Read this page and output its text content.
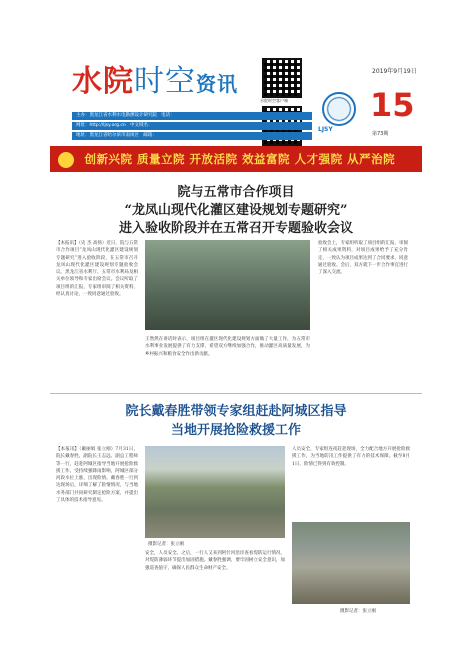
水院时空资讯
水院时空客户端
2019年9月19日
LJSY
15
第73期
主办：黑龙江省水利水电勘测设计研究院 电话：
网址：http://ljsy.org.cn 中文域名：
地址：黑龙江省哈尔滨市南岗区 邮箱：
创新兴院 质量立院 开放活院 效益富院 人才强院 从严治院
院与五常市合作项目
“龙凤山现代化灌区建设规划专题研究”
进入验收阶段并在五常召开专题验收会议
【本报讯】（史 杰 高扬）近日，院与五常市合作项目“龙凤山现代化灌区建设规划专题研究”进入验收阶段，在五常市召开龙凤山现代化灌区建设规划专题验收会议。黑龙江省水利厅、五常市水利局及相关单位领导和专家出席会议。会议听取了项目组的汇报，专家组审阅了相关资料，经认真讨论，一致同意通过验收。
王然然在讲话时表示，项目组在灌区现代化建设规划方面做了大量工作，为五常市水利事业发展提供了有力支撑，希望双方继续加强合作，推动灌区高质量发展，为乡村振兴和粮食安全作出新贡献。
验收会上，专家组听取了项目组的汇报，审阅了相关成果资料，对项目成果给予了充分肯定，一致认为项目成果达到了合同要求，同意通过验收。会后，双方就下一步合作事宜进行了深入交流。
院长戴春胜带领专家组赶赴阿城区指导
当地开展抢险救援工作
【本报讯】（戴丽娟 张立刚）7月31日，院长戴春胜、副院长王志远、副总工程师等一行，赶赴阿城区指导当地开展抢险救援工作。受持续强降雨影响，阿城区部分河段水位上涨，出现险情。戴春胜一行到达现场后，详细了解了险情情况，与当地水务部门共同研究制定抢险方案，并提出了具体的技术指导意见。
摄影记者：张立刚
安全，人员安全。之后，一行人又来到阿什河沿岸查看堤防运行情况，对堤防薄弱环节提出加固措施。戴春胜强调，要牢固树立安全意识，加强巡查值守，确保人民群众生命财产安全。
人员安全，专家组连夜赶赴现场，全力配合地方开展抢险救援工作，为当地防汛工作提供了有力的技术保障。截至8月1日，险情已得到有效控制。
摄影记者：张立刚
